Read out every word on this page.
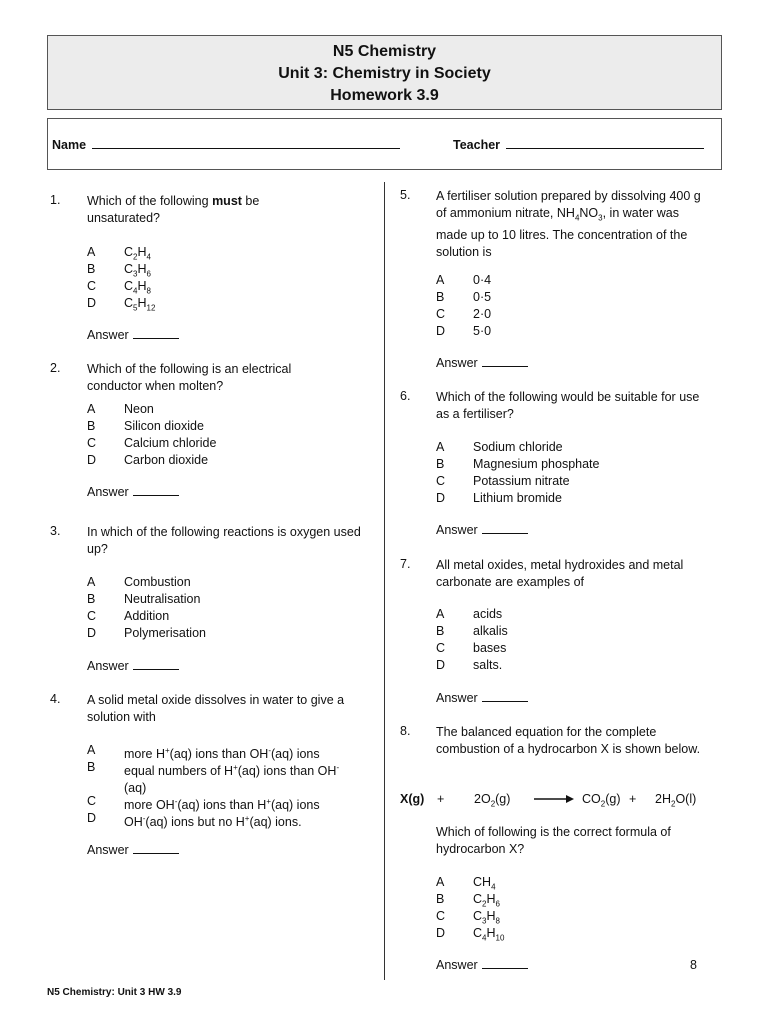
N5 Chemistry
Unit 3: Chemistry in Society
Homework 3.9
Name	Teacher
1.	Which of the following must be unsaturated?
A	$C_2H_4$
B	$C_3H_6$
C	$C_4H_8$
D	$C_5H_{12}$
Answer
2.	Which of the following is an electrical conductor when molten?
A	Neon
B	Silicon dioxide
C	Calcium chloride
D	Carbon dioxide
Answer
3.	In which of the following reactions is oxygen used up?
A	Combustion
B	Neutralisation
C	Addition
D	Polymerisation
Answer
4.	A solid metal oxide dissolves in water to give a solution with
A	more H+(aq) ions than OH-(aq) ions
B	equal numbers of H+(aq) ions than OH-(aq)
C	more OH-(aq) ions than H+(aq) ions
D	OH-(aq) ions but no H+(aq) ions.
Answer
5.	A fertiliser solution prepared by dissolving 400 g of ammonium nitrate, $NH_4NO_3$, in water was made up to 10 litres. The concentration of the solution is
A	0·4
B	0·5
C	2·0
D	5·0
Answer
6.	Which of the following would be suitable for use as a fertiliser?
A	Sodium chloride
B	Magnesium phosphate
C	Potassium nitrate
D	Lithium bromide
Answer
7.	All metal oxides, metal hydroxides and metal carbonate are examples of
A	acids
B	alkalis
C	bases
D	salts.
Answer
8.	The balanced equation for the complete combustion of a hydrocarbon X is shown below.
$X(g) + 2O_2(g) \to CO_2(g) + 2H_2O(l)$
Which of following is the correct formula of hydrocarbon X?
A	$CH_4$
B	$C_2H_6$
C	$C_3H_8$
D	$C_4H_{10}$
Answer	8
N5 Chemistry: Unit 3 HW 3.9
